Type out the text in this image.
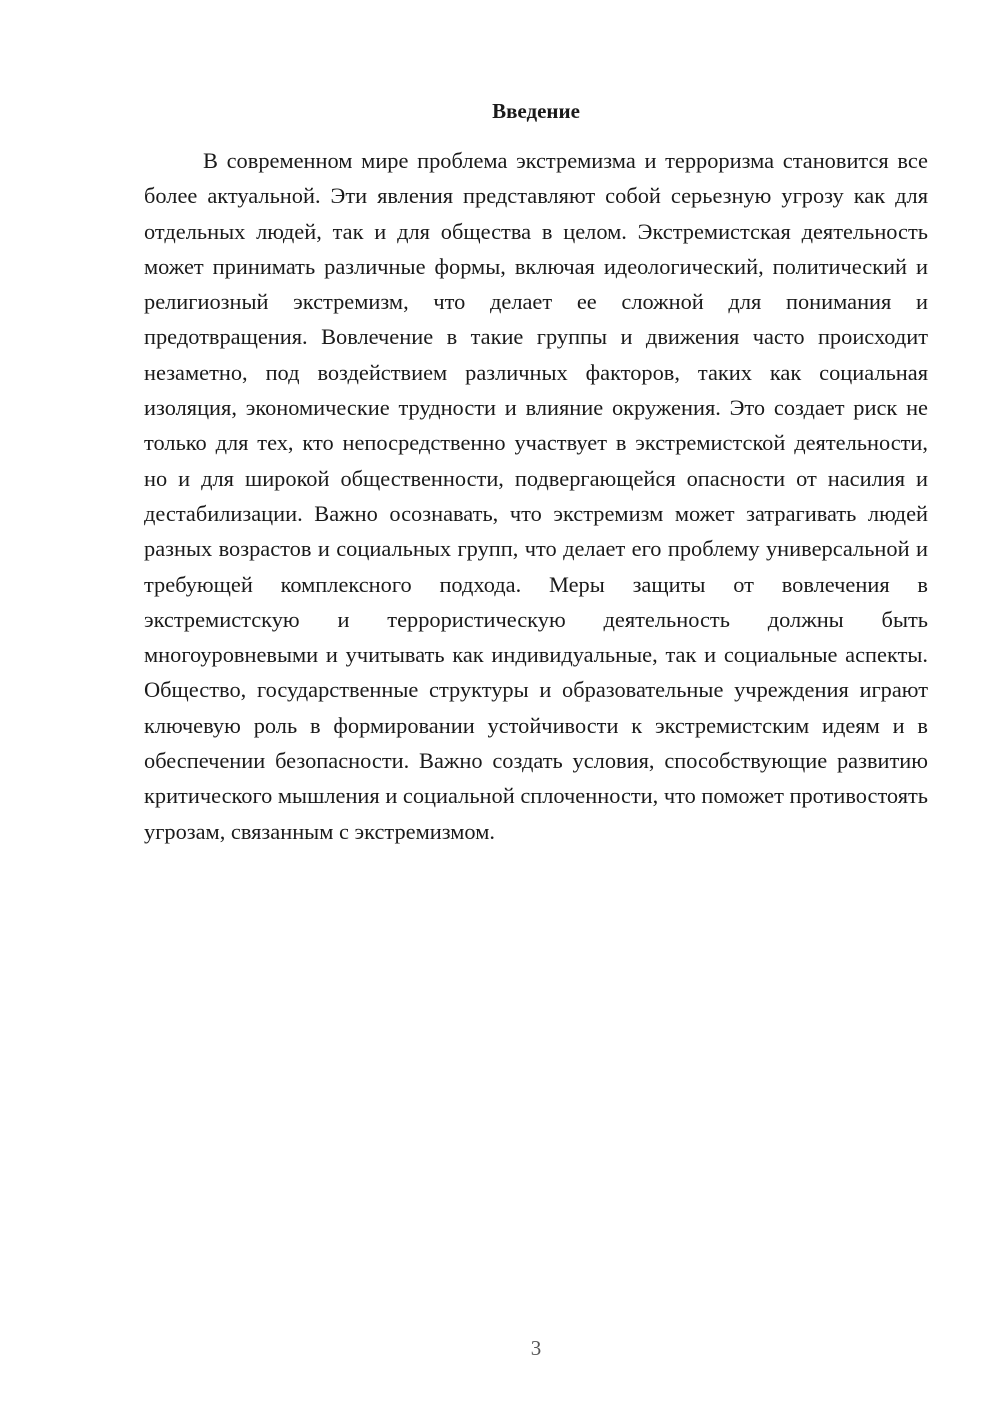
Введение

В современном мире проблема экстремизма и терроризма становится все более актуальной. Эти явления представляют собой серьезную угрозу как для отдельных людей, так и для общества в целом. Экстремистская деятельность может принимать различные формы, включая идеологический, политический и религиозный экстремизм, что делает ее сложной для понимания и предотвращения. Вовлечение в такие группы и движения часто происходит незаметно, под воздействием различных факторов, таких как социальная изоляция, экономические трудности и влияние окружения. Это создает риск не только для тех, кто непосредственно участвует в экстремистской деятельности, но и для широкой общественности, подвергающейся опасности от насилия и дестабилизации. Важно осознавать, что экстремизм может затрагивать людей разных возрастов и социальных групп, что делает его проблему универсальной и требующей комплексного подхода. Меры защиты от вовлечения в экстремистскую и террористическую деятельность должны быть многоуровневыми и учитывать как индивидуальные, так и социальные аспекты. Общество, государственные структуры и образовательные учреждения играют ключевую роль в формировании устойчивости к экстремистским идеям и в обеспечении безопасности. Важно создать условия, способствующие развитию критического мышления и социальной сплоченности, что поможет противостоять угрозам, связанным с экстремизмом.

3
